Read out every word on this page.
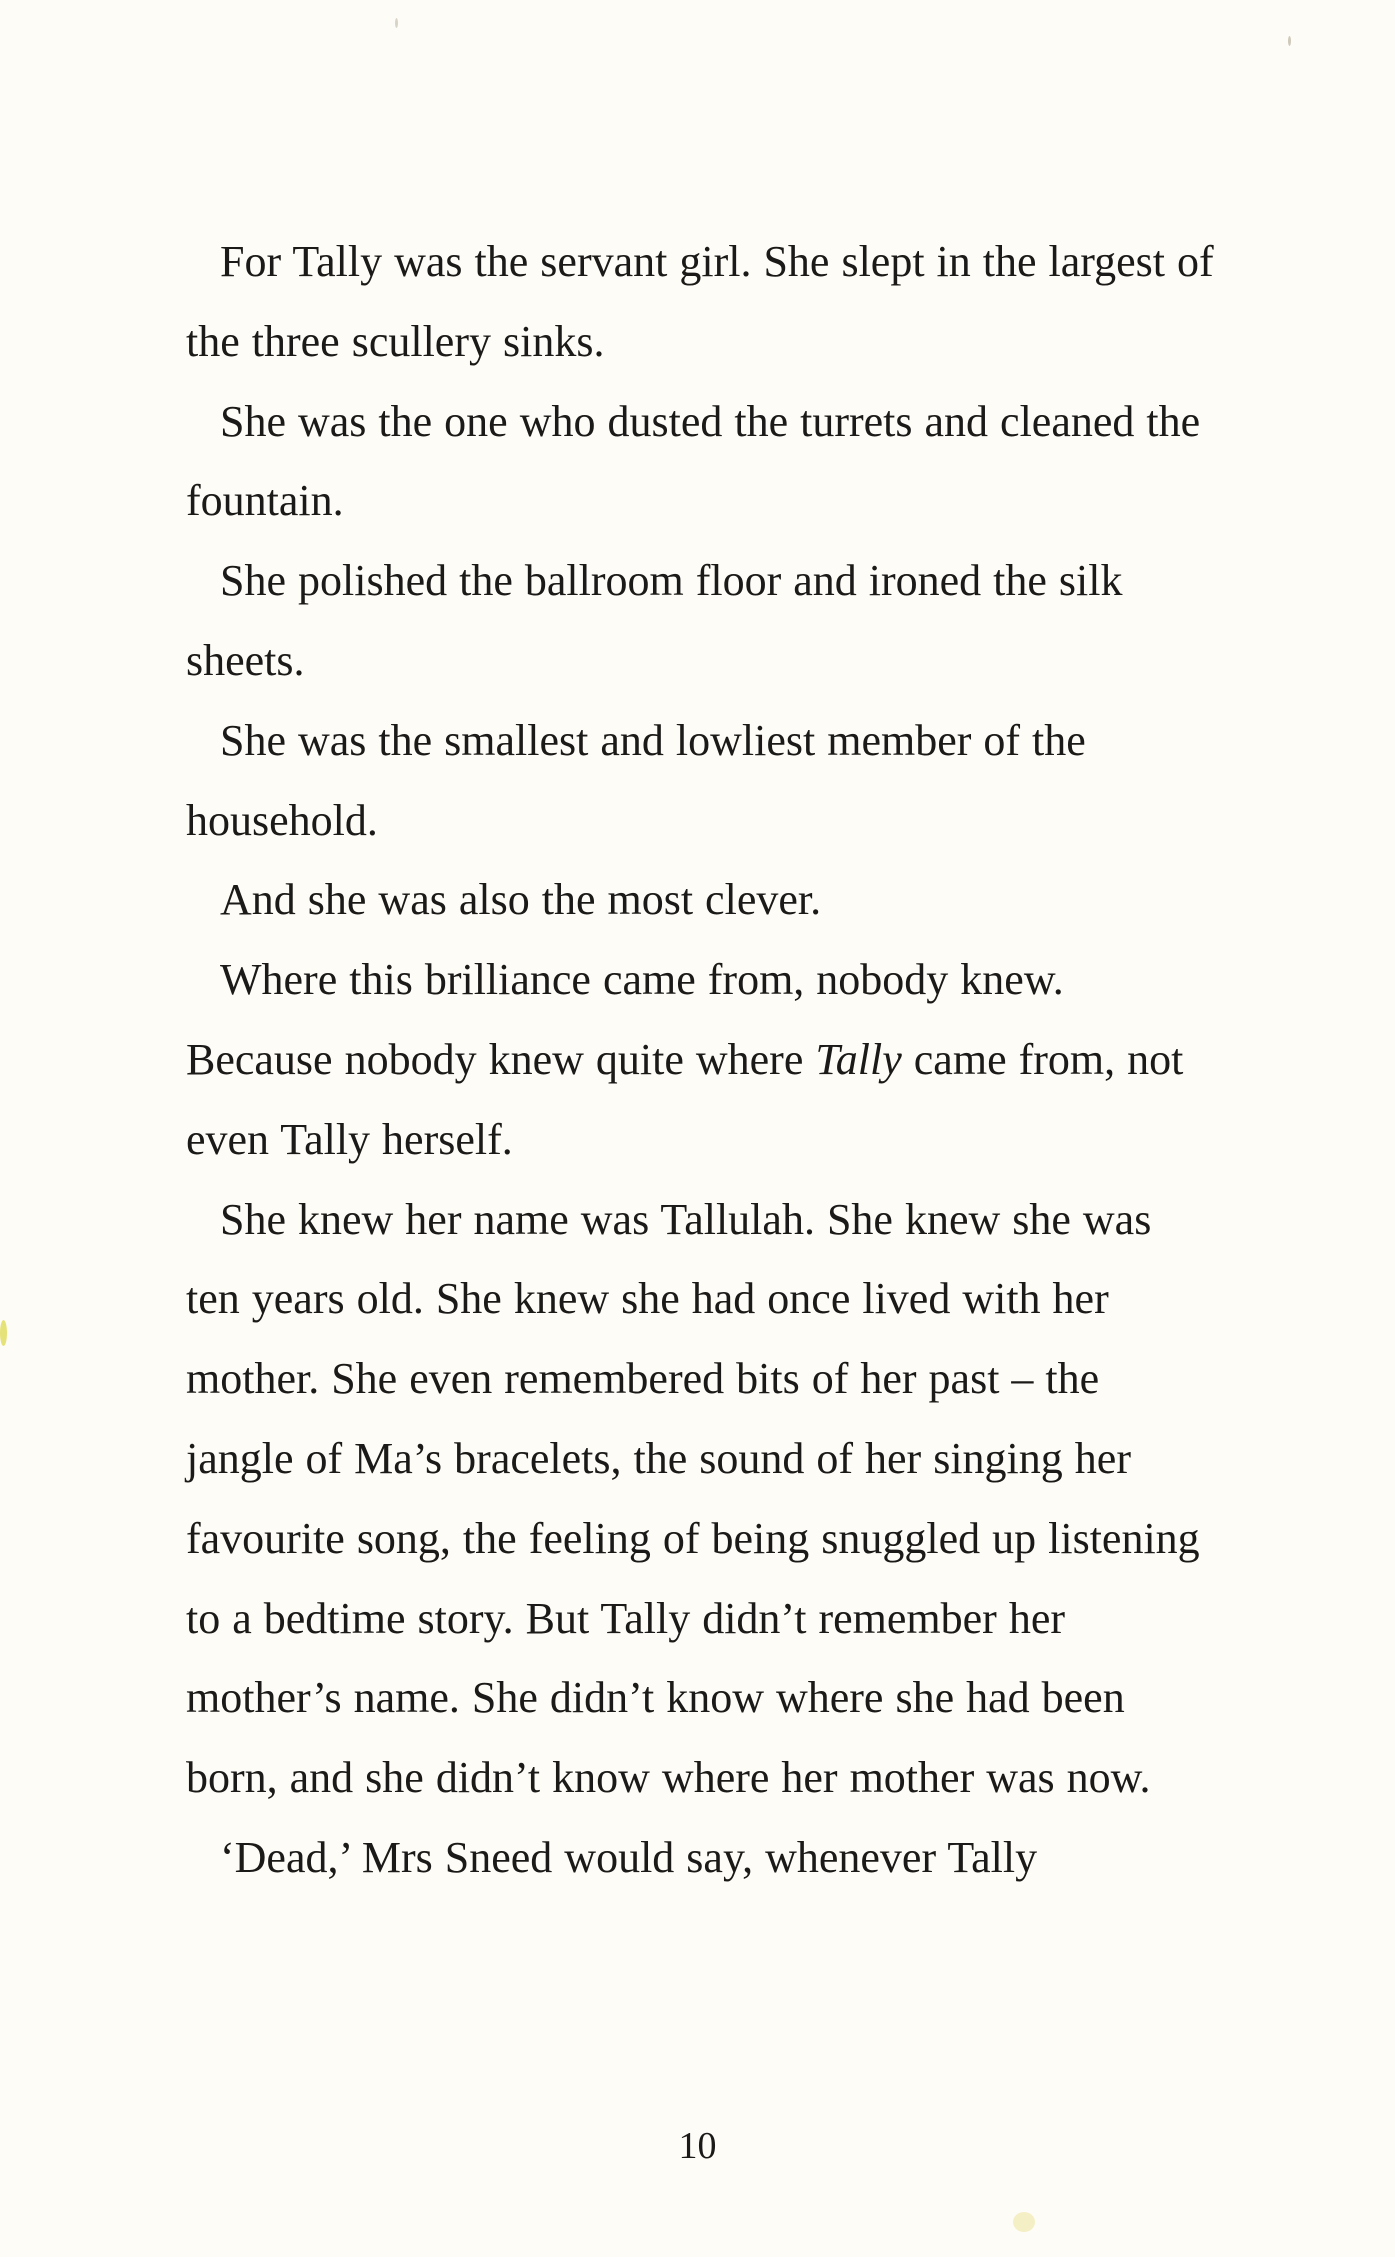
For Tally was the servant girl. She slept in the largest of the three scullery sinks.

She was the one who dusted the turrets and cleaned the fountain.

She polished the ballroom floor and ironed the silk sheets.

She was the smallest and lowliest member of the household.

And she was also the most clever.

Where this brilliance came from, nobody knew.

Because nobody knew quite where Tally came from, not even Tally herself.

She knew her name was Tallulah. She knew she was ten years old. She knew she had once lived with her mother. She even remembered bits of her past – the jangle of Ma’s bracelets, the sound of her singing her favourite song, the feeling of being snuggled up listening to a bedtime story. But Tally didn’t remember her mother’s name. She didn’t know where she had been born, and she didn’t know where her mother was now.

‘Dead,’ Mrs Sneed would say, whenever Tally

10
